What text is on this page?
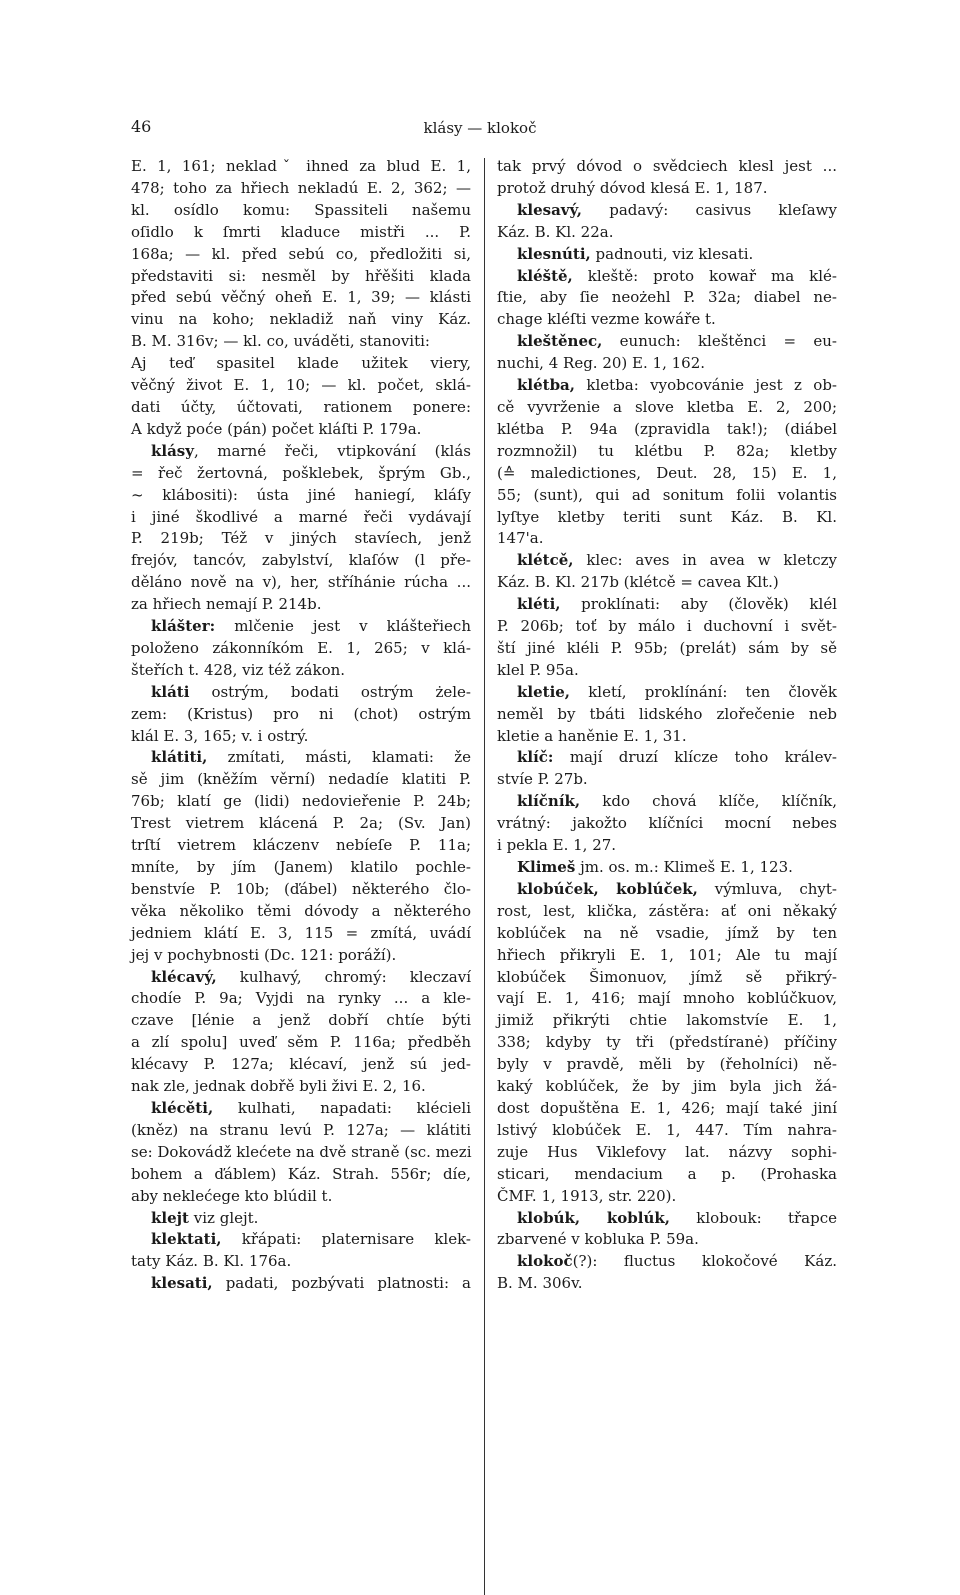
46	klásy — klokoč
E. 1, 161; nekladˇ ihned za blud E. 1,
478; toho za hřiech nekladú E. 2, 362; —
kl. osídlo komu: Spassiteli našemu
oſidlo k ſmrti kladuce mistři ... P.
168a; — kl. před sebú co, předložiti si,
představiti si: nesměl by hřěšiti klada
před sebú věčný oheň E. 1, 39; — klásti
vinu na koho; nekladiž naň viny Káz.
B. M. 316v; — kl. co, uváděti, stanoviti:
Aj teď spasitel klade užitek viery,
věčný život E. 1, 10; — kl. počet, sklá-
dati účty, účtovati, rationem ponere:
A když poće (pán) počet kláſti P. 179a.
klásy, marné řeči, vtipkování (klás
= řeč žertovná, pošklebek, šprým Gb.,
~ klábositi): ústa jiné haniegí, kláſy
i jiné škodlivé a marné řeči vydávají
P. 219b; Též v jiných stavíech, jenž
frejóv, tancóv, zabylství, klaſów (l pře-
děláno nově na v), her, stříhánie rúcha ...
za hřiech nemají P. 214b.
klášter: mlčenie jest v klášteřiech
položeno zákonníkóm E. 1, 265; v klá-
šteřích t. 428, viz též zákon.
kláti ostrým, bodati ostrým żele-
zem: (Kristus) pro ni (chot) ostrým
klál E. 3, 165; v. i ostrý.
klátiti, zmítati, másti, klamati: že
sě jim (kněžím věrní) nedadíe klatiti P.
76b; klatí ge (lidi) nedovieřenie P. 24b;
Trest vietrem klácená P. 2a; (Sv. Jan)
trſtí vietrem kláczenv nebíeſe P. 11a;
mníte, by jím (Janem) klatilo pochle-
benstvíe P. 10b; (ďábel) některého člo-
věka několiko těmi dóvody a některého
jedniem klátí E. 3, 115 = zmítá, uvádí
jej v pochybnosti (Dc. 121: poráží).
klécavý, kulhavý, chromý: kleczaví
chodíe P. 9a; Vyjdi na rynky ... a kle-
czave [lénie a jenž dobří chtíe býti
a zlí spolu] uveď sěm P. 116a; předběh
klécavy P. 127a; klécaví, jenž sú jed-
nak zle, jednak dobřě byli živi E. 2, 16.
klécěti, kulhati, napadati: klécieli
(kněz) na stranu levú P. 127a; — klátiti
se: Dokovádž klećete na dvě straně (sc. mezi
bohem a ďáblem) Káz. Strah. 556r; díe,
aby neklećege kto blúdil t.
klejt viz glejt.
klektati, křápati: platernisare klek-
taty Káz. B. Kl. 176a.
klesati, padati, pozbývati platnosti: a
tak prvý dóvod o svědciech klesl jest ...
protož druhý dóvod klesá E. 1, 187.
klesavý, padavý: casivus kleſawy
Káz. B. Kl. 22a.
klesnúti, padnouti, viz klesati.
kléště, kleště: proto kowař ma klé-
ſtie, aby ſie neożehl P. 32a; diabel ne-
chage kléſti vezme kowáře t.
kleštěnec, eunuch: kleštěnci = eu-
nuchi, 4 Reg. 20) E. 1, 162.
klétba, kletba: vyobcovánie jest z ob-
cě vyvrženie a slove kletba E. 2, 200;
klétba P. 94a (zpravidla tak!); (diábel
rozmnožil) tu klétbu P. 82a; kletby
(≙ maledictiones, Deut. 28, 15) E. 1,
55; (sunt), qui ad sonitum folii volantis
lyſtye kletby teriti sunt Káz. B. Kl.
147'a.
klétcě, klec: aves in avea w kletczy
Káz. B. Kl. 217b (klétcě = cavea Klt.)
kléti, proklínati: aby (člověk) klél
P. 206b; toť by málo i duchovní i svět-
ští jiné kléli P. 95b; (prelát) sám by sě
klel P. 95a.
kletie, kletí, proklínání: ten člověk
neměl by tbáti lidského zlořečenie neb
kletie a haněnie E. 1, 31.
klíč: mají druzí klícze toho králev-
stvíe P. 27b.
klíčník, kdo chová klíče, klíčník,
vrátný: jakožto klíčníci mocní nebes
i pekla E. 1, 27.
Klimeš jm. os. m.: Klimeš E. 1, 123.
klobúček, koblúček, výmluva, chyt-
rost, lest, klička, zástěra: ať oni někaký
koblúček na ně vsadie, jímž by ten
hřiech přikryli E. 1, 101; Ale tu mají
klobúček Šimonuov, jímž sě přikrý-
vají E. 1, 416; mají mnoho koblúčkuov,
jimiž přikrýti chtie lakomstvíe E. 1,
338; kdyby ty tři (předstíranė) příčiny
byly v pravdě, měli by (řeholníci) ně-
kaký koblúček, že by jim byla jich žá-
dost dopuštěna E. 1, 426; mají také jiní
lstivý klobúček E. 1, 447. Tím nahra-
zuje Hus Viklefovy lat. názvy sophi-
sticari, mendacium a p. (Prohaska
ČMF. 1, 1913, str. 220).
klobúk, koblúk, klobouk: třapce
zbarvené v kobluka P. 59a.
klokoč(?): fluctus klokočové Káz.
B. M. 306v.
